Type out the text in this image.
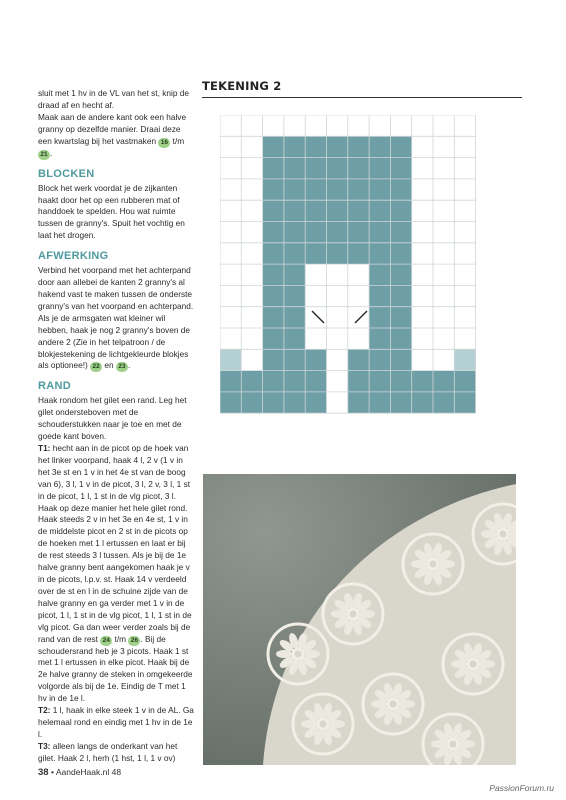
sluit met 1 hv in de VL van het st, knip de draad af en hecht af.

Maak aan de andere kant ook een halve granny op dezelfde manier. Draai deze een kwartslag bij het vastmaken 16 t/m 21 .

BLOCKEN

Block het werk voordat je de zijkanten haakt door het op een rubberen mat of handdoek te spelden. Hou wat ruimte tussen de granny's. Spuit het vochtig en laat het drogen.

AFWERKING

Verbind het voorpand met het achterpand door aan allebei de kanten 2 granny's al hakend vast te maken tussen de onderste granny's van het voorpand en achterpand. Als je de armsgaten wat kleiner wil hebben, haak je nog 2 granny's boven de andere 2 (Zie in het telpatroon / de blokjestekening de lichtgekleurde blokjes als optionee!) 22 en 23 .

RAND

Haak rondom het gilet een rand. Leg het gilet ondersteboven met de schouderstukken naar je toe en met de goede kant boven.

T1: hecht aan in de picot op de hoek van het linker voorpand, haak 4 l, 2 v (1 v in het 3e st en 1 v in het 4e st van de boog van 6), 3 l, 1 v in de picot, 3 l, 2 v, 3 l, 1 st in de picot, 1 l, 1 st in de vlg picot, 3 l. Haak op deze manier het hele gilet rond. Haak steeds 2 v in het 3e en 4e st, 1 v in de middelste picot en 2 st in de picots op de hoeken met 1 l ertussen en laat er bij de rest steeds 3 l tussen. Als je bij de 1e halve granny bent aangekomen haak je v in de picots, l.p.v. st. Haak 14 v verdeeld over de st en l in de schuine zijde van de halve granny en ga verder met 1 v in de picot, 1 l, 1 st in de vlg picot, 1 l, 1 st in de vlg picot. Ga dan weer verder zoals bij de rand van de rest 24 t/m 26 . Bij de schoudersrand heb je 3 picots. Haak 1 st met 1 l ertussen in elke picot. Haak bij de 2e halve granny de steken in omgekeerde volgorde als bij de 1e. Eindig de T met 1 hv in de 1e l.

T2: 1 l, haak in elke steek 1 v in de AL. Ga helemaal rond en eindig met 1 hv in de 1e l.

T3: alleen langs de onderkant van het gilet. Haak 2 l, herh (1 hst, 1 l, 1 v ov)

TEKENING 2
38 • AandeHaak.nl 48
PassionForum.ru
